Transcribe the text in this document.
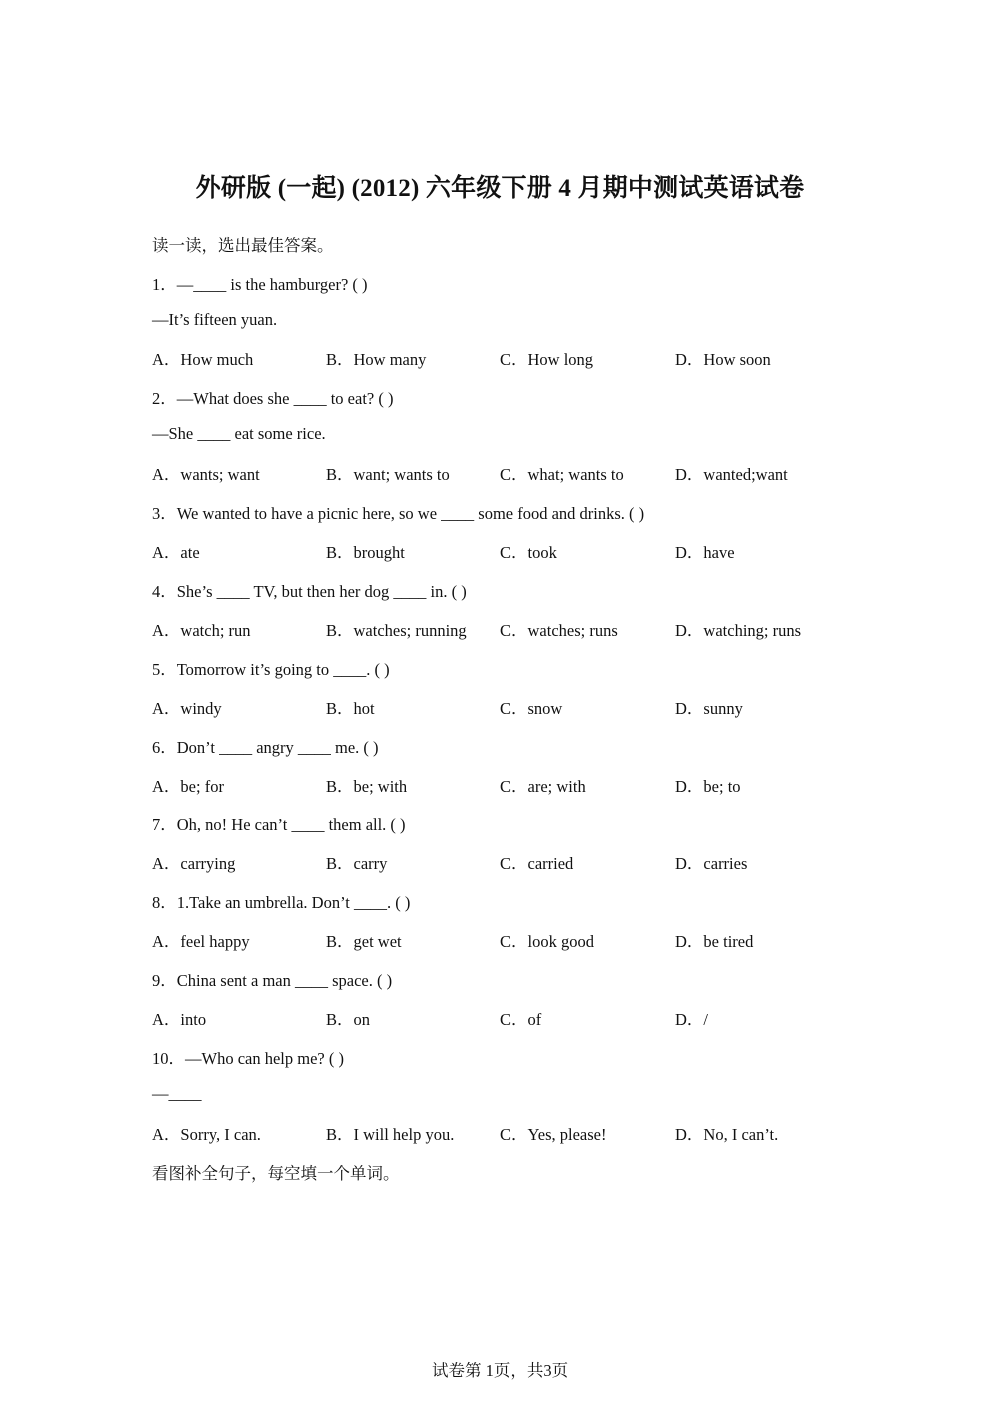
外研版 (一起) (2012) 六年级下册 4 月期中测试英语试卷
读一读，选出最佳答案。
1．—____ is the hamburger? ( )
—It’s fifteen yuan.
A．How much	B．How many	C．How long	D．How soon
2．—What does she ____ to eat? ( )
—She ____ eat some rice.
A．wants; want	B．want; wants to	C．what; wants to	D．wanted;want
3．We wanted to have a picnic here, so we ____ some food and drinks. ( )
A．ate	B．brought	C．took	D．have
4．She’s ____ TV, but then her dog ____ in. ( )
A．watch; run	B．watches; running C．watches; runs	D．watching; runs
5．Tomorrow it’s going to ____. ( )
A．windy	B．hot	C．snow	D．sunny
6．Don’t ____ angry ____ me. ( )
A．be; for	B．be; with	C．are; with	D．be; to
7．Oh, no! He can’t ____ them all. ( )
A．carrying	B．carry	C．carried	D．carries
8．1.Take an umbrella. Don’t ____. ( )
A．feel happy	B．get wet	C．look good	D．be tired
9．China sent a man ____ space. ( )
A．into	B．on	C．of	D．/
10．—Who can help me? ( )
—____
A．Sorry, I can.	B．I will help you.	C．Yes, please!	D．No, I can’t.
看图补全句子，每空填一个单词。
试卷第 1页，共3页
